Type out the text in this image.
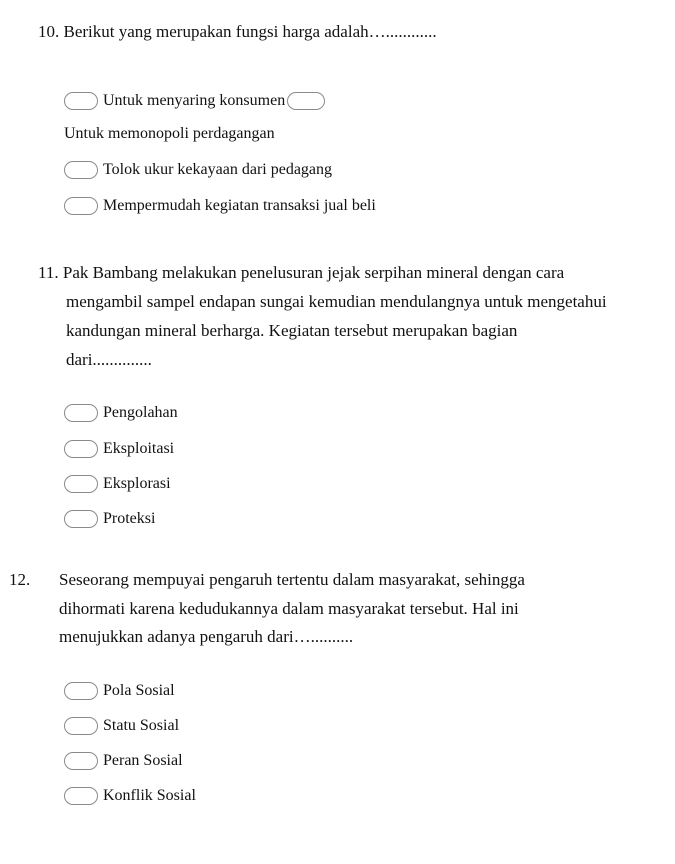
10. Berikut yang merupakan fungsi harga adalah…............
Untuk menyaring konsumen
Untuk memonopoli perdagangan
Tolok ukur kekayaan dari pedagang
Mempermudah kegiatan transaksi jual beli
11. Pak Bambang melakukan penelusuran jejak serpihan mineral dengan cara
mengambil sampel endapan sungai kemudian mendulangnya untuk mengetahui
kandungan mineral berharga. Kegiatan tersebut merupakan bagian
dari..............
Pengolahan
Eksploitasi
Eksplorasi
Proteksi
12. Seseorang mempuyai pengaruh tertentu dalam masyarakat, sehingga
dihormati karena kedudukannya dalam masyarakat tersebut. Hal ini
menujukkan adanya pengaruh dari…..........
Pola Sosial
Statu Sosial
Peran Sosial
Konflik Sosial
